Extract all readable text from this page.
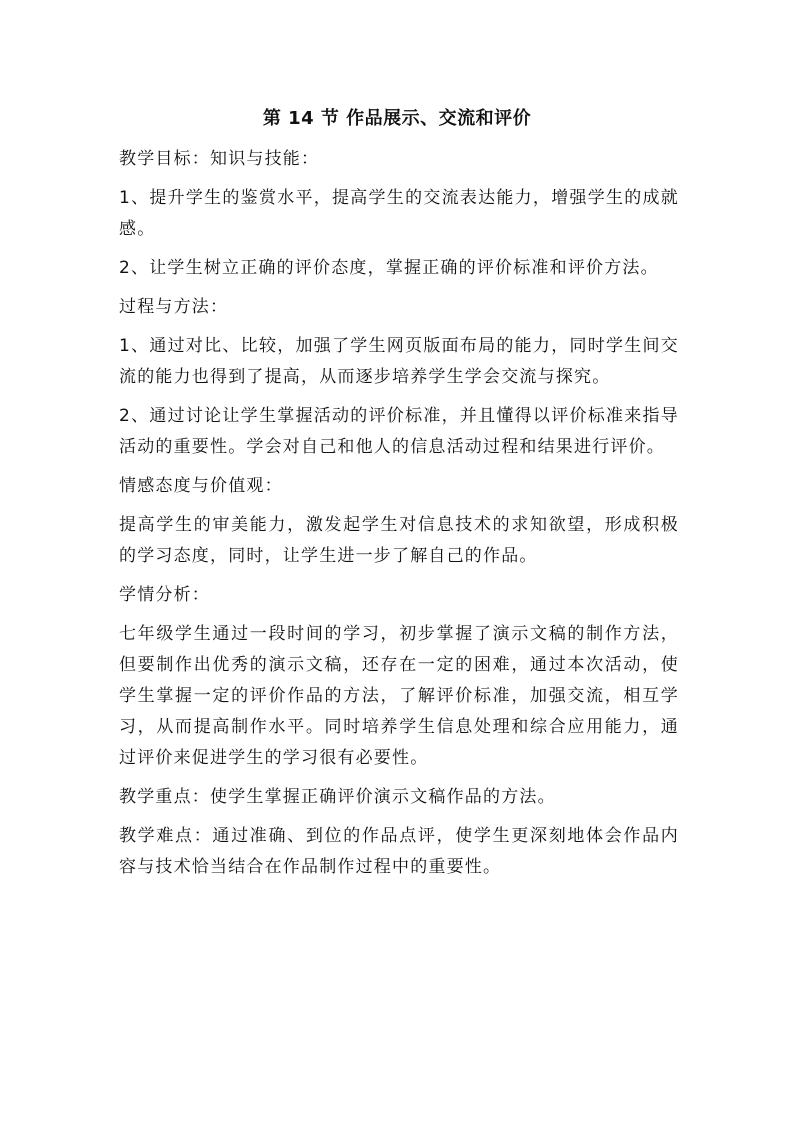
第 14 节 作品展示、交流和评价

教学目标：知识与技能：

1、提升学生的鉴赏水平，提高学生的交流表达能力，增强学生的成就感。

2、让学生树立正确的评价态度，掌握正确的评价标准和评价方法。

过程与方法：

1、通过对比、比较，加强了学生网页版面布局的能力，同时学生间交流的能力也得到了提高，从而逐步培养学生学会交流与探究。

2、通过讨论让学生掌握活动的评价标准，并且懂得以评价标准来指导活动的重要性。学会对自己和他人的信息活动过程和结果进行评价。

情感态度与价值观：

提高学生的审美能力，激发起学生对信息技术的求知欲望，形成积极的学习态度，同时，让学生进一步了解自己的作品。

学情分析：

七年级学生通过一段时间的学习，初步掌握了演示文稿的制作方法，但要制作出优秀的演示文稿，还存在一定的困难，通过本次活动，使学生掌握一定的评价作品的方法，了解评价标准，加强交流，相互学习，从而提高制作水平。同时培养学生信息处理和综合应用能力，通过评价来促进学生的学习很有必要性。

教学重点：使学生掌握正确评价演示文稿作品的方法。

教学难点：通过准确、到位的作品点评，使学生更深刻地体会作品内容与技术恰当结合在作品制作过程中的重要性。
